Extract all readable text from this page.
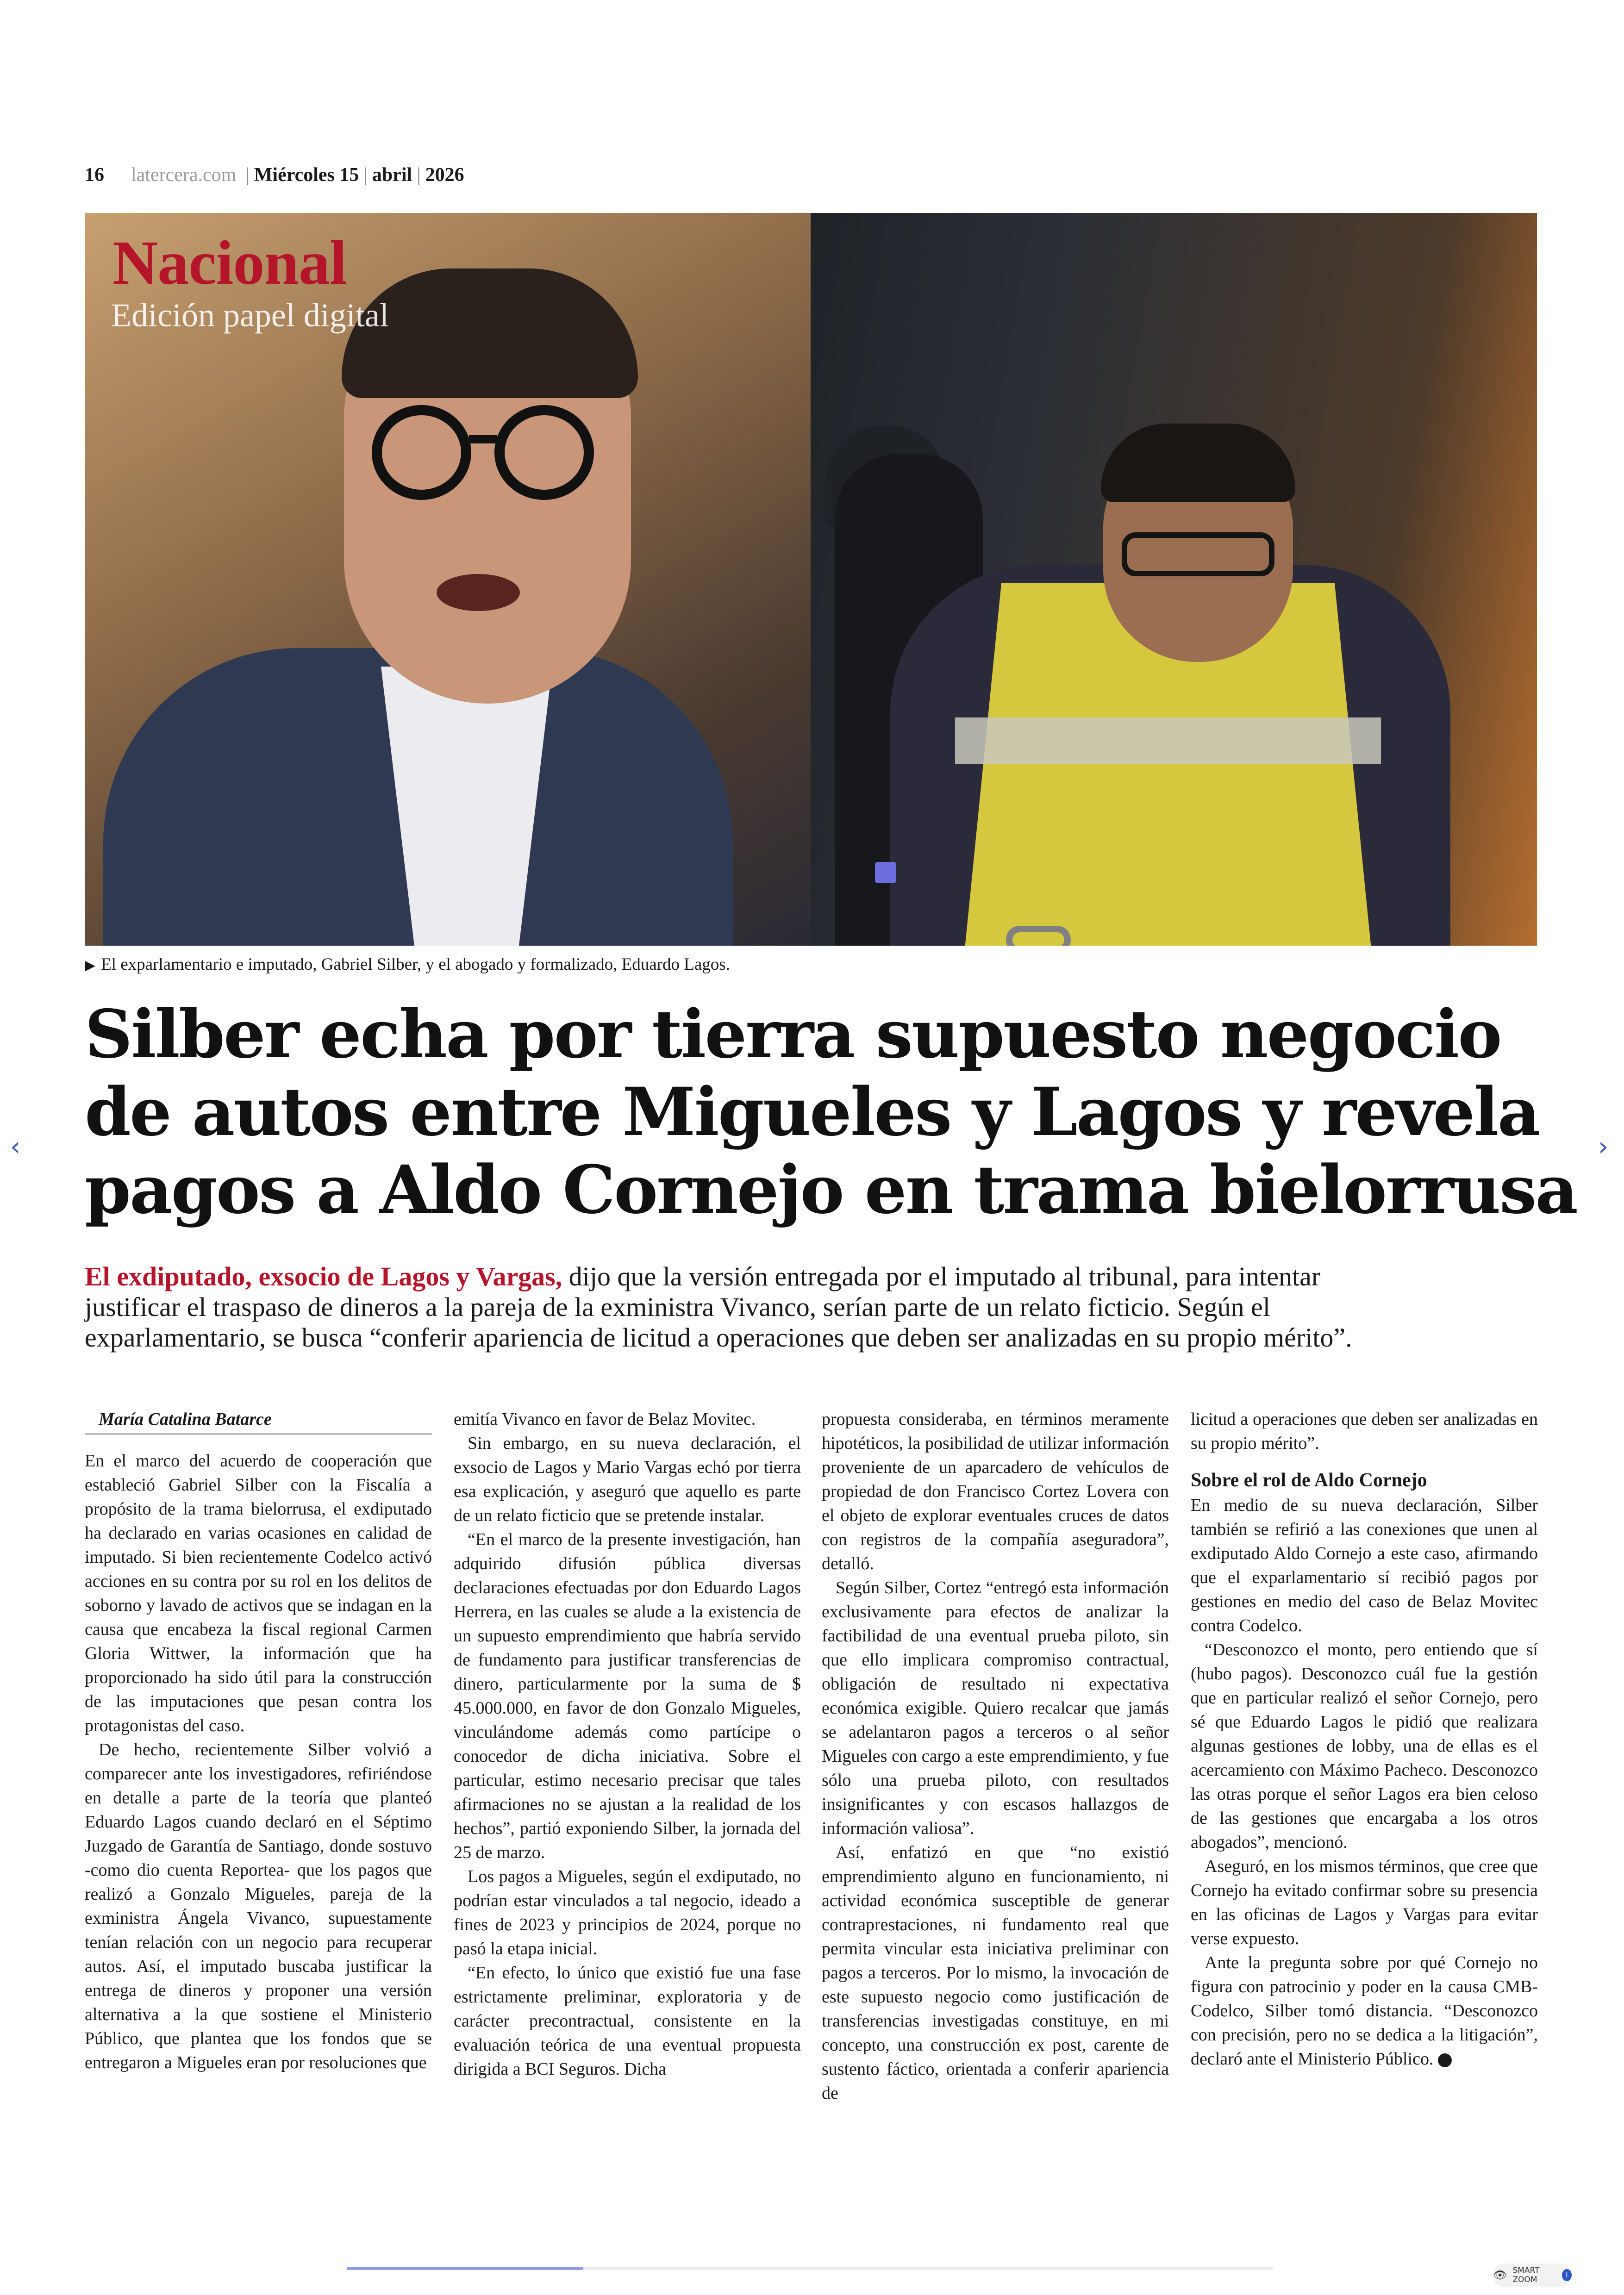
16 latercera.com | Miércoles 15 | abril | 2026
Nacional
Edición papel digital
▶ El exparlamentario e imputado, Gabriel Silber, y el abogado y formalizado, Eduardo Lagos.
Silber echa por tierra supuesto negocio
de autos entre Migueles y Lagos y revela
pagos a Aldo Cornejo en trama bielorrusa
El exdiputado, exsocio de Lagos y Vargas, dijo que la versión entregada por el imputado al tribunal, para intentar
justificar el traspaso de dineros a la pareja de la exministra Vivanco, serían parte de un relato ficticio. Según el
exparlamentario, se busca “conferir apariencia de licitud a operaciones que deben ser analizadas en su propio mérito”.

María Catalina Batarce

En el marco del acuerdo de cooperación que estableció Gabriel Silber con la Fiscalía a propósito de la trama bielorrusa, el exdiputado ha declarado en varias ocasiones en calidad de imputado. Si bien recientemente Codelco activó acciones en su contra por su rol en los delitos de soborno y lavado de activos que se indagan en la causa que encabeza la fiscal regional Carmen Gloria Wittwer, la información que ha proporcionado ha sido útil para la construcción de las imputaciones que pesan contra los protagonistas del caso.

De hecho, recientemente Silber volvió a comparecer ante los investigadores, refiriéndose en detalle a parte de la teoría que planteó Eduardo Lagos cuando declaró en el Séptimo Juzgado de Garantía de Santiago, donde sostuvo -como dio cuenta Reportea- que los pagos que realizó a Gonzalo Migueles, pareja de la exministra Ángela Vivanco, supuestamente tenían relación con un negocio para recuperar autos. Así, el imputado buscaba justificar la entrega de dineros y proponer una versión alternativa a la que sostiene el Ministerio Público, que plantea que los fondos que se entregaron a Migueles eran por resoluciones que

emitía Vivanco en favor de Belaz Movitec.

Sin embargo, en su nueva declaración, el exsocio de Lagos y Mario Vargas echó por tierra esa explicación, y aseguró que aquello es parte de un relato ficticio que se pretende instalar.

“En el marco de la presente investigación, han adquirido difusión pública diversas declaraciones efectuadas por don Eduardo Lagos Herrera, en las cuales se alude a la existencia de un supuesto emprendimiento que habría servido de fundamento para justificar transferencias de dinero, particularmente por la suma de $ 45.000.000, en favor de don Gonzalo Migueles, vinculándome además como partícipe o conocedor de dicha iniciativa. Sobre el particular, estimo necesario precisar que tales afirmaciones no se ajustan a la realidad de los hechos”, partió exponiendo Silber, la jornada del 25 de marzo.

Los pagos a Migueles, según el exdiputado, no podrían estar vinculados a tal negocio, ideado a fines de 2023 y principios de 2024, porque no pasó la etapa inicial.

“En efecto, lo único que existió fue una fase estrictamente preliminar, exploratoria y de carácter precontractual, consistente en la evaluación teórica de una eventual propuesta dirigida a BCI Seguros. Dicha

propuesta consideraba, en términos meramente hipotéticos, la posibilidad de utilizar información proveniente de un aparcadero de vehículos de propiedad de don Francisco Cortez Lovera con el objeto de explorar eventuales cruces de datos con registros de la compañía aseguradora”, detalló.

Según Silber, Cortez “entregó esta información exclusivamente para efectos de analizar la factibilidad de una eventual prueba piloto, sin que ello implicara compromiso contractual, obligación de resultado ni expectativa económica exigible. Quiero recalcar que jamás se adelantaron pagos a terceros o al señor Migueles con cargo a este emprendimiento, y fue sólo una prueba piloto, con resultados insignificantes y con escasos hallazgos de información valiosa”.

Así, enfatizó en que “no existió emprendimiento alguno en funcionamiento, ni actividad económica susceptible de generar contraprestaciones, ni fundamento real que permita vincular esta iniciativa preliminar con pagos a terceros. Por lo mismo, la invocación de este supuesto negocio como justificación de transferencias investigadas constituye, en mi concepto, una construcción ex post, carente de sustento fáctico, orientada a conferir apariencia de

licitud a operaciones que deben ser analizadas en su propio mérito”.

Sobre el rol de Aldo Cornejo

En medio de su nueva declaración, Silber también se refirió a las conexiones que unen al exdiputado Aldo Cornejo a este caso, afirmando que el exparlamentario sí recibió pagos por gestiones en medio del caso de Belaz Movitec contra Codelco.

“Desconozco el monto, pero entiendo que sí (hubo pagos). Desconozco cuál fue la gestión que en particular realizó el señor Cornejo, pero sé que Eduardo Lagos le pidió que realizara algunas gestiones de lobby, una de ellas es el acercamiento con Máximo Pacheco. Desconozco las otras porque el señor Lagos era bien celoso de las gestiones que encargaba a los otros abogados”, mencionó.

Aseguró, en los mismos términos, que cree que Cornejo ha evitado confirmar sobre su presencia en las oficinas de Lagos y Vargas para evitar verse expuesto.

Ante la pregunta sobre por qué Cornejo no figura con patrocinio y poder en la causa CMB-Codelco, Silber tomó distancia. “Desconozco con precisión, pero no se dedica a la litigación”, declaró ante el Ministerio Público.

‹	›
👁 SMART ZOOM
i
